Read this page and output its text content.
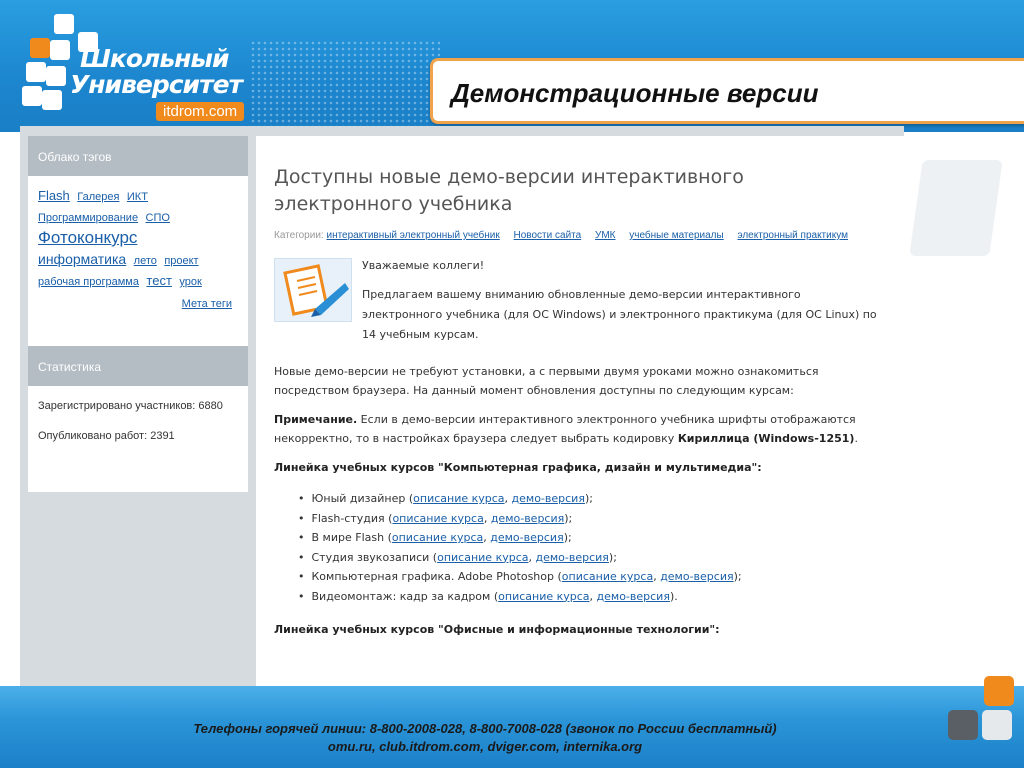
Школьный
Университет
itdrom.com
Демонстрационные версии
Облако тэгов
Flash Галерея ИКТ
Программирование СПО
Фотоконкурс
информатика лето проект
рабочая программа тест урок
Мета теги
Статистика
Зарегистрировано участников: 6880
Опубликовано работ: 2391
Доступны новые демо-версии интерактивного электронного учебника
Категории: интерактивный электронный учебник Новости сайта УМК учебные материалы электронный практикум

Уважаемые коллеги!

Предлагаем вашему вниманию обновленные демо-версии интерактивного электронного учебника (для ОС Windows) и электронного практикума (для ОС Linux) по 14 учебным курсам.

Новые демо-версии не требуют установки, а с первыми двумя уроками можно ознакомиться посредством браузера. На данный момент обновления доступны по следующим курсам:

Примечание. Если в демо-версии интерактивного электронного учебника шрифты отображаются некорректно, то в настройках браузера следует выбрать кодировку Кириллица (Windows-1251).

Линейка учебных курсов "Компьютерная графика, дизайн и мультимедиа":

• Юный дизайнер (описание курса, демо-версия);
• Flash-студия (описание курса, демо-версия);
• В мире Flash (описание курса, демо-версия);
• Студия звукозаписи (описание курса, демо-версия);
• Компьютерная графика. Adobe Photoshop (описание курса, демо-версия);
• Видеомонтаж: кадр за кадром (описание курса, демо-версия).

Линейка учебных курсов "Офисные и информационные технологии":

Телефоны горячей линии: 8-800-2008-028, 8-800-7008-028 (звонок по России бесплатный)
omu.ru, club.itdrom.com, dviger.com, internika.org
